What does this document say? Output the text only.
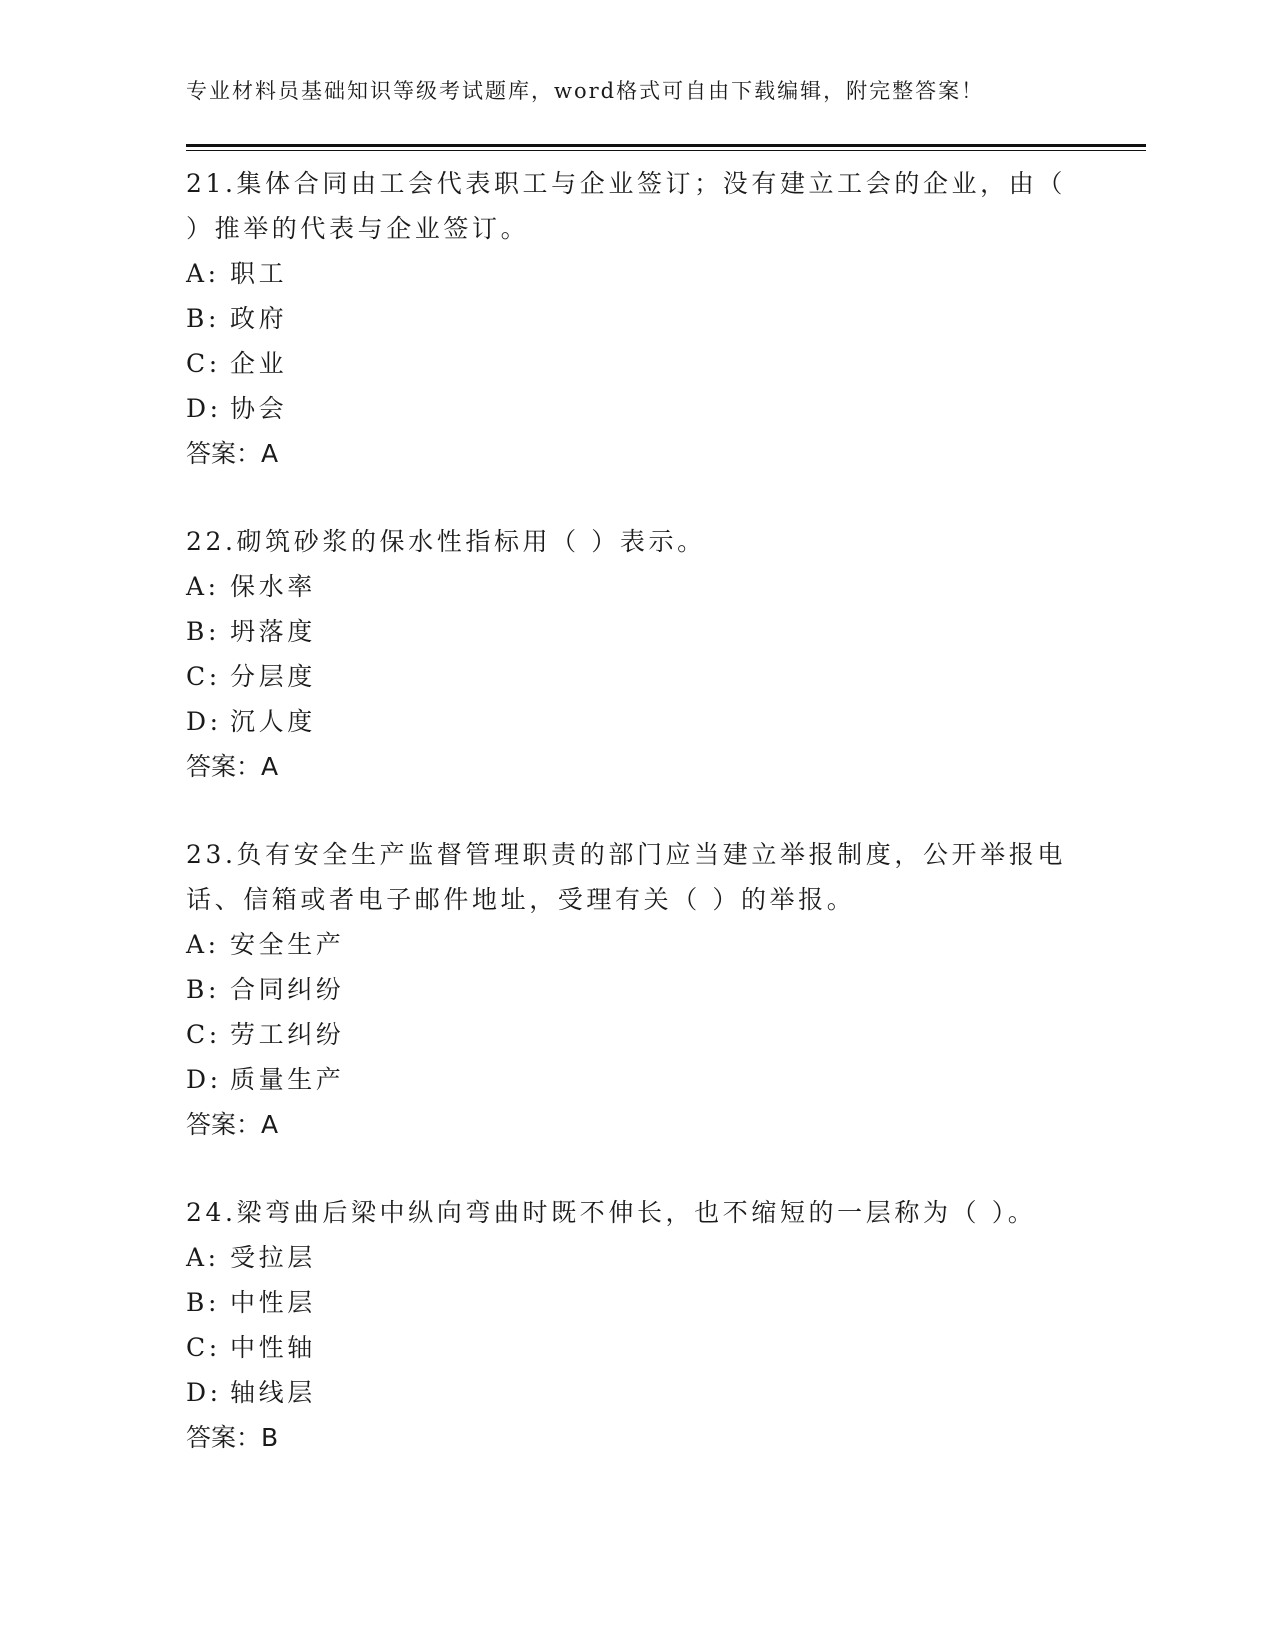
专业材料员基础知识等级考试题库，word格式可自由下载编辑，附完整答案！

21.集体合同由工会代表职工与企业签订；没有建立工会的企业，由（ ）推举的代表与企业签订。

A: 职工

B: 政府

C: 企业

D: 协会

答案：A

22.砌筑砂浆的保水性指标用（ ）表示。

A: 保水率

B: 坍落度

C: 分层度

D: 沉人度

答案：A

23.负有安全生产监督管理职责的部门应当建立举报制度，公开举报电话、信箱或者电子邮件地址，受理有关（ ）的举报。

A: 安全生产

B: 合同纠纷

C: 劳工纠纷

D: 质量生产

答案：A

24.梁弯曲后梁中纵向弯曲时既不伸长，也不缩短的一层称为（ ）。

A: 受拉层

B: 中性层

C: 中性轴

D: 轴线层

答案：B
